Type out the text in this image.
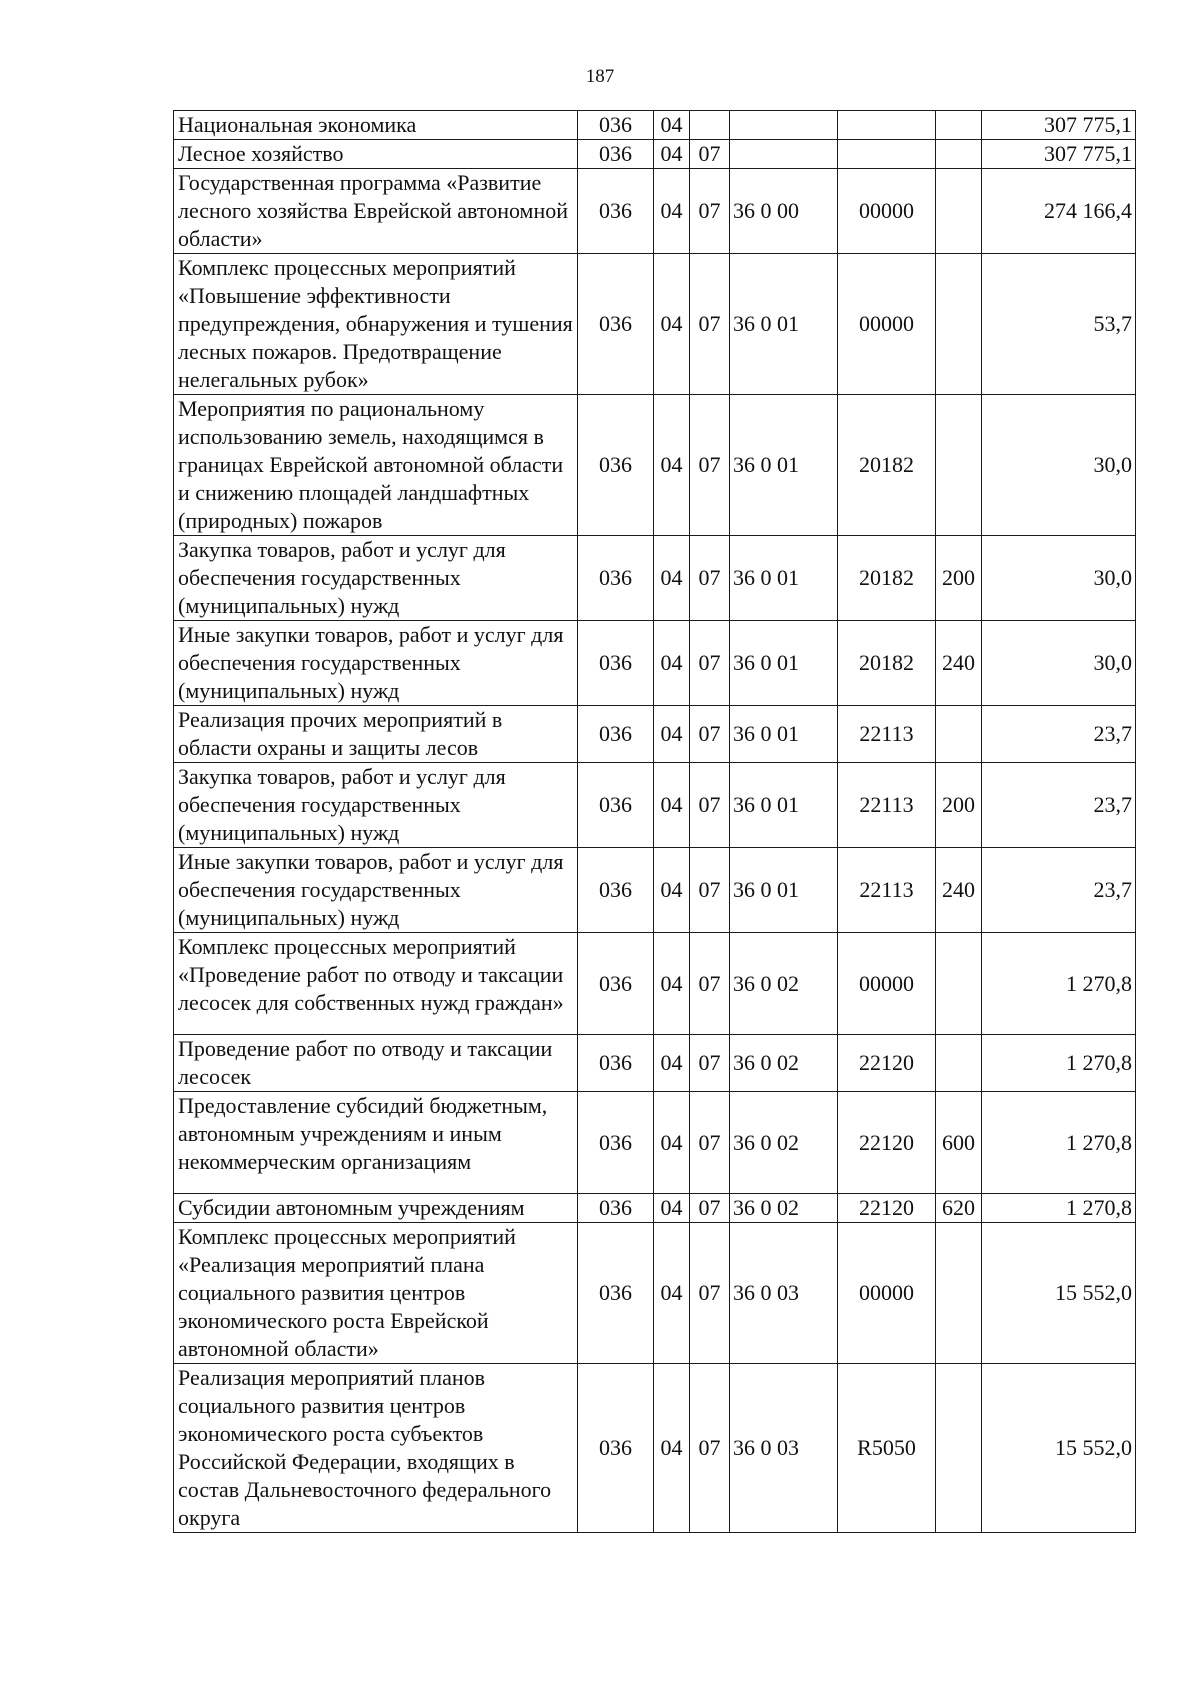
187
Национальная экономика	036	04					307 775,1
Лесное хозяйство	036	04	07				307 775,1
Государственная программа «Развитие лесного хозяйства Еврейской автономной области»	036	04	07	36 0 00	00000		274 166,4
Комплекс процессных мероприятий «Повышение эффективности предупреждения, обнаружения и тушения лесных пожаров. Предотвращение нелегальных рубок»	036	04	07	36 0 01	00000		53,7
Мероприятия по рациональному использованию земель, находящимся в границах Еврейской автономной области и снижению площадей ландшафтных (природных) пожаров	036	04	07	36 0 01	20182		30,0
Закупка товаров, работ и услуг для обеспечения государственных (муниципальных) нужд	036	04	07	36 0 01	20182	200	30,0
Иные закупки товаров, работ и услуг для обеспечения государственных (муниципальных) нужд	036	04	07	36 0 01	20182	240	30,0
Реализация прочих мероприятий в области охраны и защиты лесов	036	04	07	36 0 01	22113		23,7
Закупка товаров, работ и услуг для обеспечения государственных (муниципальных) нужд	036	04	07	36 0 01	22113	200	23,7
Иные закупки товаров, работ и услуг для обеспечения государственных (муниципальных) нужд	036	04	07	36 0 01	22113	240	23,7
Комплекс процессных мероприятий «Проведение работ по отводу и таксации лесосек для собственных нужд граждан»	036	04	07	36 0 02	00000		1 270,8
Проведение работ по отводу и таксации лесосек	036	04	07	36 0 02	22120		1 270,8
Предоставление субсидий бюджетным, автономным учреждениям и иным некоммерческим организациям	036	04	07	36 0 02	22120	600	1 270,8
Субсидии автономным учреждениям	036	04	07	36 0 02	22120	620	1 270,8
Комплекс процессных мероприятий «Реализация мероприятий плана социального развития центров экономического роста Еврейской автономной области»	036	04	07	36 0 03	00000		15 552,0
Реализация мероприятий планов социального развития центров экономического роста субъектов Российской Федерации, входящих в состав Дальневосточного федерального округа	036	04	07	36 0 03	R5050		15 552,0
